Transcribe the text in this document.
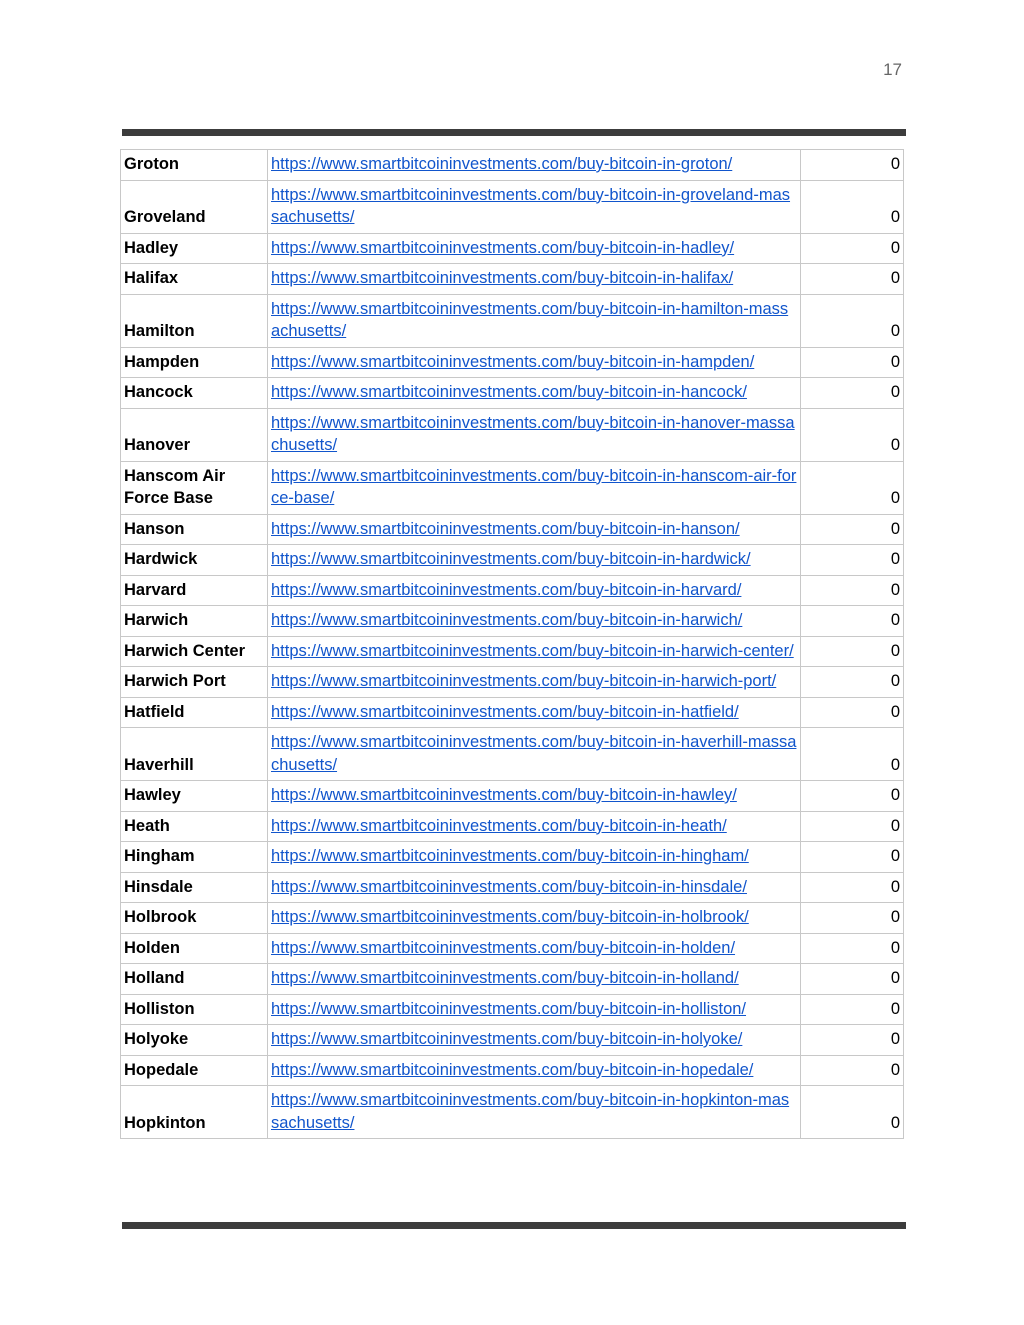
17
Groton	https://www.smartbitcoininvestments.com/buy-bitcoin-in-groton/	0
Groveland	https://www.smartbitcoininvestments.com/buy-bitcoin-in-groveland-massachusetts/	0
Hadley	https://www.smartbitcoininvestments.com/buy-bitcoin-in-hadley/	0
Halifax	https://www.smartbitcoininvestments.com/buy-bitcoin-in-halifax/	0
Hamilton	https://www.smartbitcoininvestments.com/buy-bitcoin-in-hamilton-massachusetts/	0
Hampden	https://www.smartbitcoininvestments.com/buy-bitcoin-in-hampden/	0
Hancock	https://www.smartbitcoininvestments.com/buy-bitcoin-in-hancock/	0
Hanover	https://www.smartbitcoininvestments.com/buy-bitcoin-in-hanover-massachusetts/	0
Hanscom Air Force Base	https://www.smartbitcoininvestments.com/buy-bitcoin-in-hanscom-air-force-base/	0
Hanson	https://www.smartbitcoininvestments.com/buy-bitcoin-in-hanson/	0
Hardwick	https://www.smartbitcoininvestments.com/buy-bitcoin-in-hardwick/	0
Harvard	https://www.smartbitcoininvestments.com/buy-bitcoin-in-harvard/	0
Harwich	https://www.smartbitcoininvestments.com/buy-bitcoin-in-harwich/	0
Harwich Center	https://www.smartbitcoininvestments.com/buy-bitcoin-in-harwich-center/	0
Harwich Port	https://www.smartbitcoininvestments.com/buy-bitcoin-in-harwich-port/	0
Hatfield	https://www.smartbitcoininvestments.com/buy-bitcoin-in-hatfield/	0
Haverhill	https://www.smartbitcoininvestments.com/buy-bitcoin-in-haverhill-massachusetts/	0
Hawley	https://www.smartbitcoininvestments.com/buy-bitcoin-in-hawley/	0
Heath	https://www.smartbitcoininvestments.com/buy-bitcoin-in-heath/	0
Hingham	https://www.smartbitcoininvestments.com/buy-bitcoin-in-hingham/	0
Hinsdale	https://www.smartbitcoininvestments.com/buy-bitcoin-in-hinsdale/	0
Holbrook	https://www.smartbitcoininvestments.com/buy-bitcoin-in-holbrook/	0
Holden	https://www.smartbitcoininvestments.com/buy-bitcoin-in-holden/	0
Holland	https://www.smartbitcoininvestments.com/buy-bitcoin-in-holland/	0
Holliston	https://www.smartbitcoininvestments.com/buy-bitcoin-in-holliston/	0
Holyoke	https://www.smartbitcoininvestments.com/buy-bitcoin-in-holyoke/	0
Hopedale	https://www.smartbitcoininvestments.com/buy-bitcoin-in-hopedale/	0
Hopkinton	https://www.smartbitcoininvestments.com/buy-bitcoin-in-hopkinton-massachusetts/	0
